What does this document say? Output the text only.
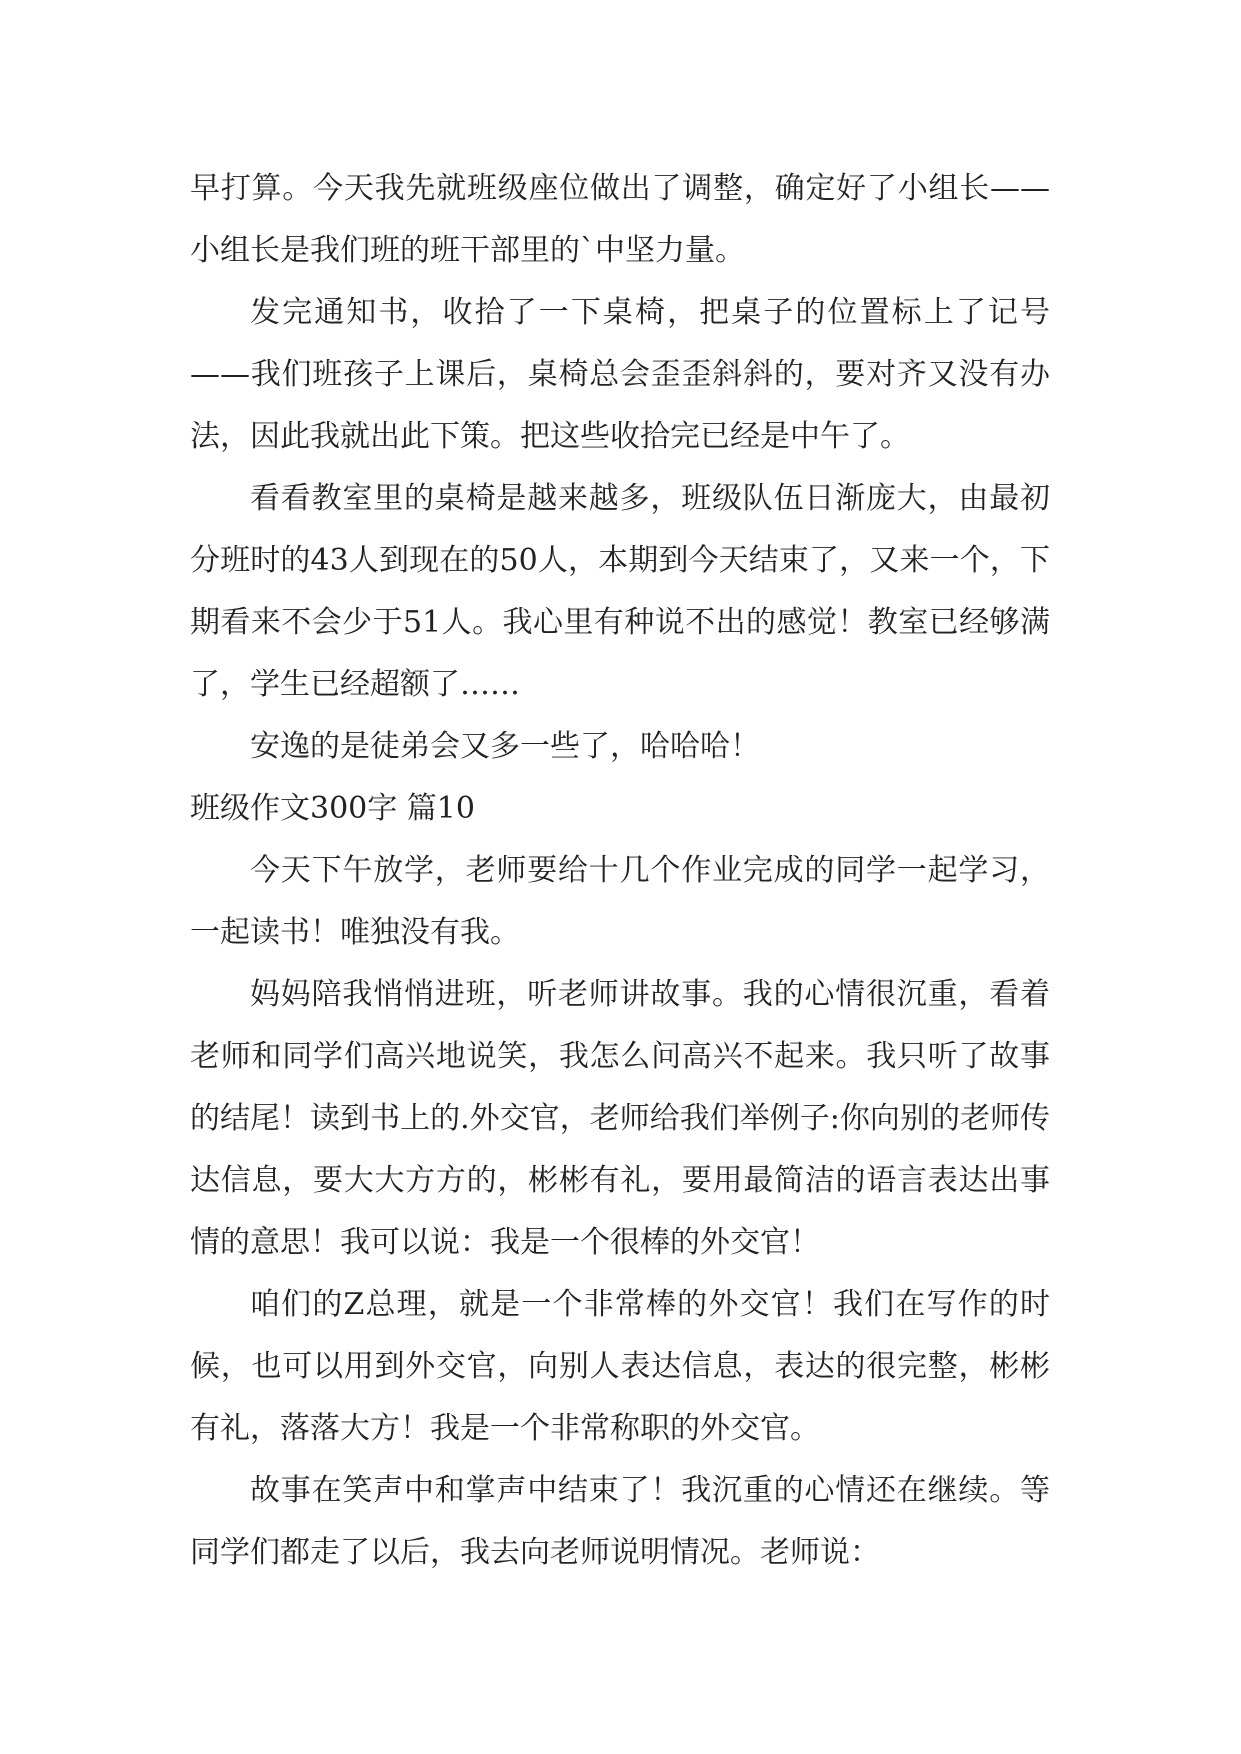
早打算。今天我先就班级座位做出了调整，确定好了小组长——小组长是我们班的班干部里的`中坚力量。

发完通知书，收拾了一下桌椅，把桌子的位置标上了记号——我们班孩子上课后，桌椅总会歪歪斜斜的，要对齐又没有办法，因此我就出此下策。把这些收拾完已经是中午了。

看看教室里的桌椅是越来越多，班级队伍日渐庞大，由最初分班时的43人到现在的50人，本期到今天结束了，又来一个，下期看来不会少于51人。我心里有种说不出的感觉！教室已经够满了，学生已经超额了……

安逸的是徒弟会又多一些了，哈哈哈！

班级作文300字 篇10

今天下午放学，老师要给十几个作业完成的同学一起学习，一起读书！唯独没有我。

妈妈陪我悄悄进班，听老师讲故事。我的心情很沉重，看着老师和同学们高兴地说笑，我怎么问高兴不起来。我只听了故事的结尾！读到书上的.外交官，老师给我们举例子:你向别的老师传达信息，要大大方方的，彬彬有礼，要用最简洁的语言表达出事情的意思！我可以说：我是一个很棒的外交官！

咱们的Z总理，就是一个非常棒的外交官！我们在写作的时候，也可以用到外交官，向别人表达信息，表达的很完整，彬彬有礼，落落大方！我是一个非常称职的外交官。

故事在笑声中和掌声中结束了！我沉重的心情还在继续。等同学们都走了以后，我去向老师说明情况。老师说：
